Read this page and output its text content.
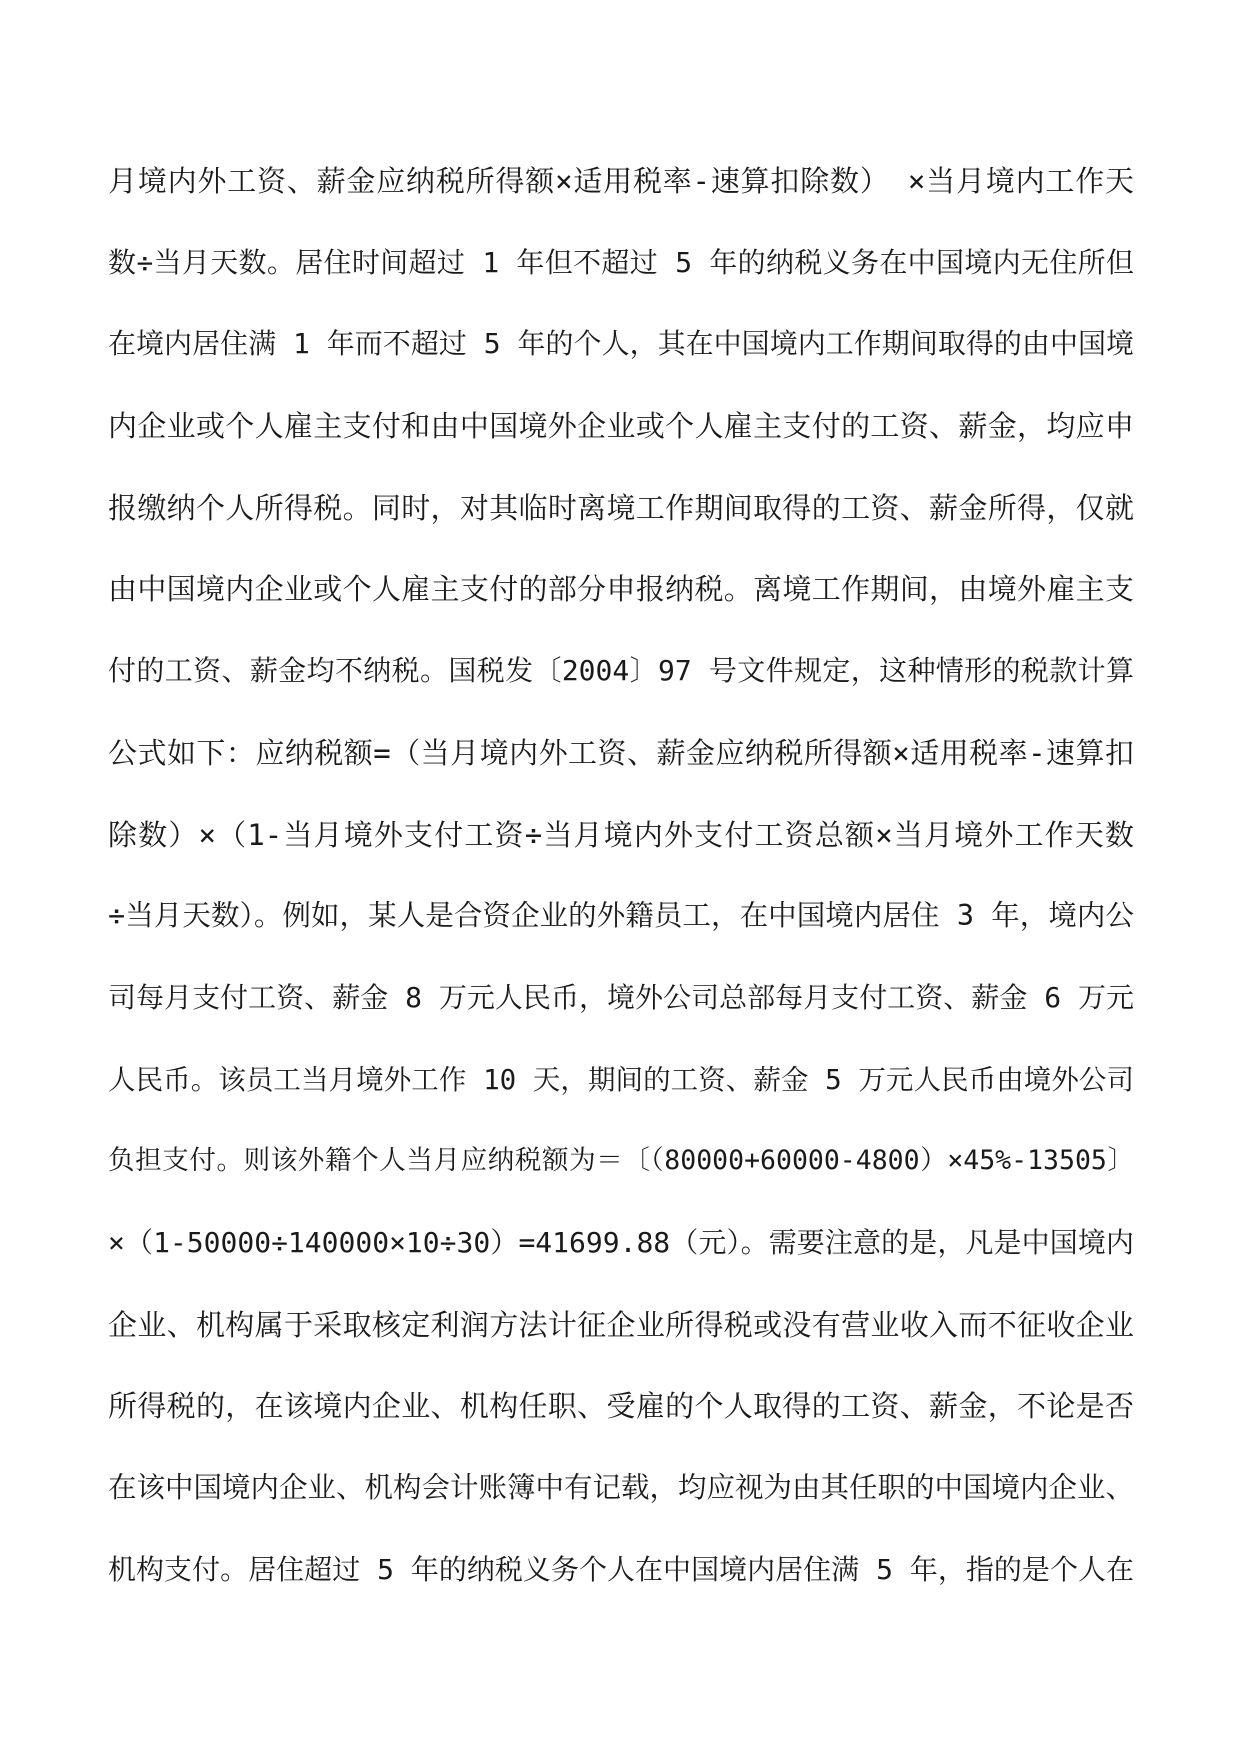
月境内外工资、薪金应纳税所得额×适用税率-速算扣除数） ×当月境内工作天
数÷当月天数。居住时间超过 1 年但不超过 5 年的纳税义务在中国境内无住所但
在境内居住满 1 年而不超过 5 年的个人，其在中国境内工作期间取得的由中国境
内企业或个人雇主支付和由中国境外企业或个人雇主支付的工资、薪金，均应申
报缴纳个人所得税。同时，对其临时离境工作期间取得的工资、薪金所得，仅就
由中国境内企业或个人雇主支付的部分申报纳税。离境工作期间，由境外雇主支
付的工资、薪金均不纳税。国税发〔2004〕97 号文件规定，这种情形的税款计算
公式如下：应纳税额=（当月境内外工资、薪金应纳税所得额×适用税率-速算扣
除数）×（1-当月境外支付工资÷当月境内外支付工资总额×当月境外工作天数
÷当月天数）。例如，某人是合资企业的外籍员工，在中国境内居住 3 年，境内公
司每月支付工资、薪金 8 万元人民币，境外公司总部每月支付工资、薪金 6 万元
人民币。该员工当月境外工作 10 天，期间的工资、薪金 5 万元人民币由境外公司
负担支付。则该外籍个人当月应纳税额为＝〔（80000+60000-4800）×45%-13505〕
×（1-50000÷140000×10÷30）=41699.88（元）。需要注意的是，凡是中国境内
企业、机构属于采取核定利润方法计征企业所得税或没有营业收入而不征收企业
所得税的，在该境内企业、机构任职、受雇的个人取得的工资、薪金，不论是否
在该中国境内企业、机构会计账簿中有记载，均应视为由其任职的中国境内企业、
机构支付。居住超过 5 年的纳税义务个人在中国境内居住满 5 年，指的是个人在
